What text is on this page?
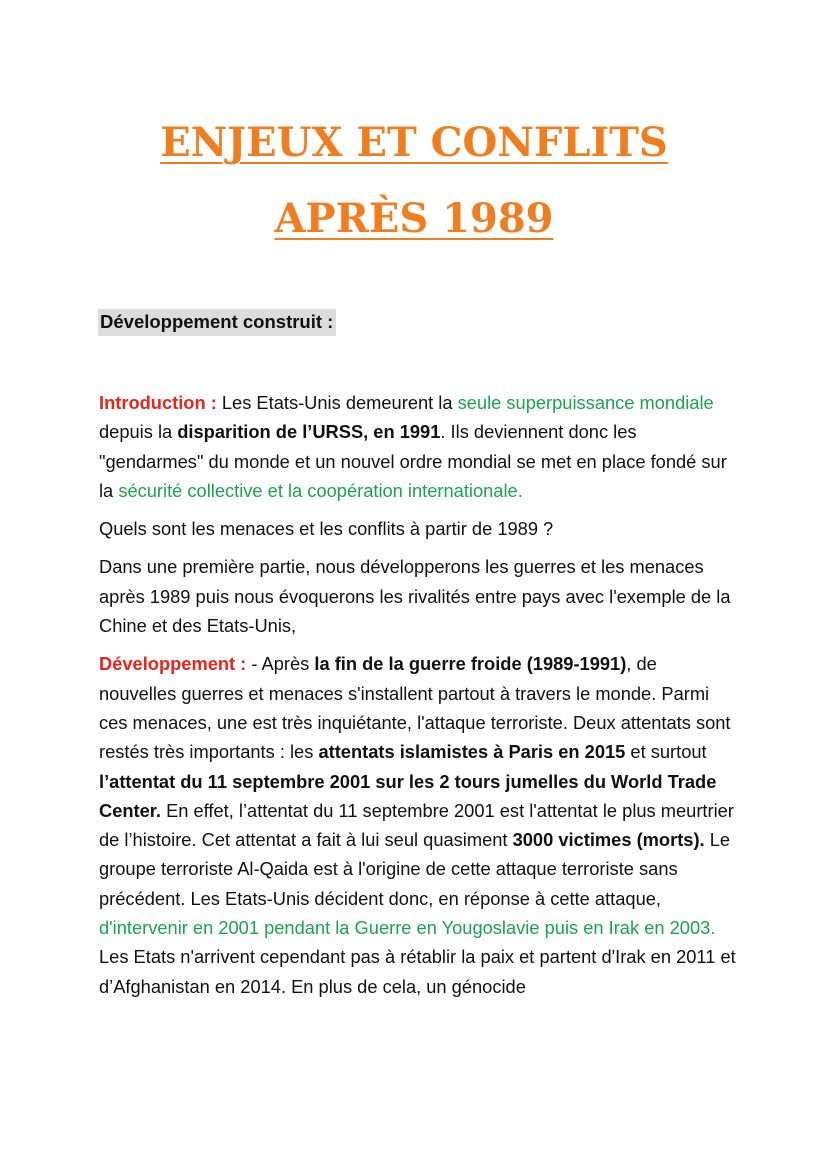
ENJEUX ET CONFLITS
APRÈS 1989
Développement construit :

Introduction : Les Etats-Unis demeurent la seule superpuissance mondiale depuis la disparition de l’URSS, en 1991. Ils deviennent donc les "gendarmes" du monde et un nouvel ordre mondial se met en place fondé sur la sécurité collective et la coopération internationale.

Quels sont les menaces et les conflits à partir de 1989 ?

Dans une première partie, nous développerons les guerres et les menaces après 1989 puis nous évoquerons les rivalités entre pays avec l'exemple de la Chine et des Etats-Unis,

Développement : - Après la fin de la guerre froide (1989-1991), de nouvelles guerres et menaces s'installent partout à travers le monde. Parmi ces menaces, une est très inquiétante, l'attaque terroriste. Deux attentats sont restés très importants : les attentats islamistes à Paris en 2015 et surtout l’attentat du 11 septembre 2001 sur les 2 tours jumelles du World Trade Center. En effet, l’attentat du 11 septembre 2001 est l'attentat le plus meurtrier de l’histoire. Cet attentat a fait à lui seul quasiment 3000 victimes (morts). Le groupe terroriste Al-Qaida est à l'origine de cette attaque terroriste sans précédent. Les Etats-Unis décident donc, en réponse à cette attaque, d'intervenir en 2001 pendant la Guerre en Yougoslavie puis en Irak en 2003. Les Etats n'arrivent cependant pas à rétablir la paix et partent d'Irak en 2011 et d’Afghanistan en 2014. En plus de cela, un génocide
